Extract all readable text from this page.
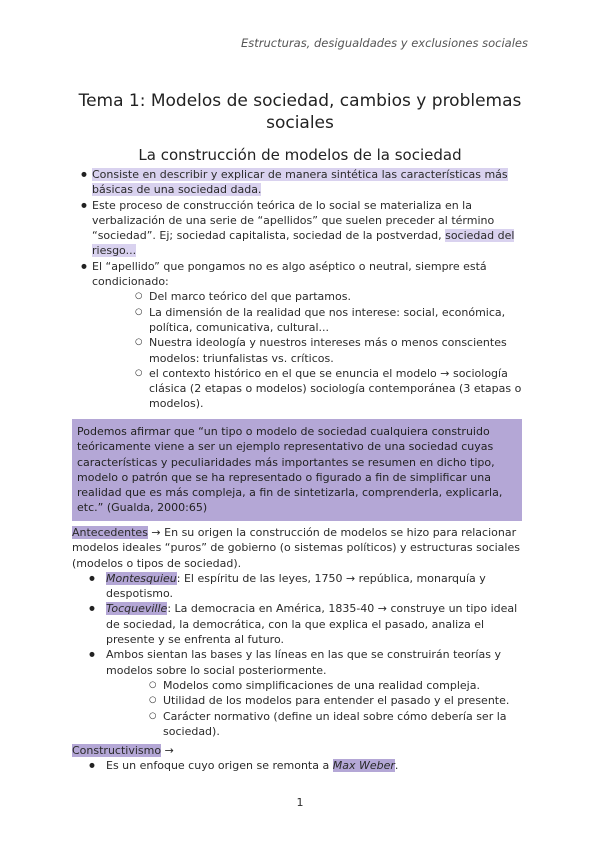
Estructuras, desigualdades y exclusiones sociales
Tema 1: Modelos de sociedad, cambios y problemas sociales
La construcción de modelos de la sociedad
● Consiste en describir y explicar de manera sintética las características más básicas de una sociedad dada.
● Este proceso de construcción teórica de lo social se materializa en la verbalización de una serie de “apellidos” que suelen preceder al término “sociedad”. Ej; sociedad capitalista, sociedad de la postverdad, sociedad del riesgo...
● El “apellido” que pongamos no es algo aséptico o neutral, siempre está condicionado:
○ Del marco teórico del que partamos.
○ La dimensión de la realidad que nos interese: social, económica, política, comunicativa, cultural...
○ Nuestra ideología y nuestros intereses más o menos conscientes modelos: triunfalistas vs. críticos.
○ el contexto histórico en el que se enuncia el modelo → sociología clásica (2 etapas o modelos) sociología contemporánea (3 etapas o modelos).
Podemos afirmar que “un tipo o modelo de sociedad cualquiera construido teóricamente viene a ser un ejemplo representativo de una sociedad cuyas características y peculiaridades más importantes se resumen en dicho tipo, modelo o patrón que se ha representado o figurado a fin de simplificar una realidad que es más compleja, a fin de sintetizarla, comprenderla, explicarla, etc.” (Gualda, 2000:65)

Antecedentes → En su origen la construcción de modelos se hizo para relacionar modelos ideales “puros” de gobierno (o sistemas políticos) y estructuras sociales (modelos o tipos de sociedad).

● Montesquieu: El espíritu de las leyes, 1750 → república, monarquía y despotismo.
● Tocqueville: La democracia en América, 1835-40 → construye un tipo ideal de sociedad, la democrática, con la que explica el pasado, analiza el presente y se enfrenta al futuro.
● Ambos sientan las bases y las líneas en las que se construirán teorías y modelos sobre lo social posteriormente.
○ Modelos como simplificaciones de una realidad compleja.
○ Utilidad de los modelos para entender el pasado y el presente.
○ Carácter normativo (define un ideal sobre cómo debería ser la sociedad).

Constructivismo →

● Es un enfoque cuyo origen se remonta a Max Weber.
1
